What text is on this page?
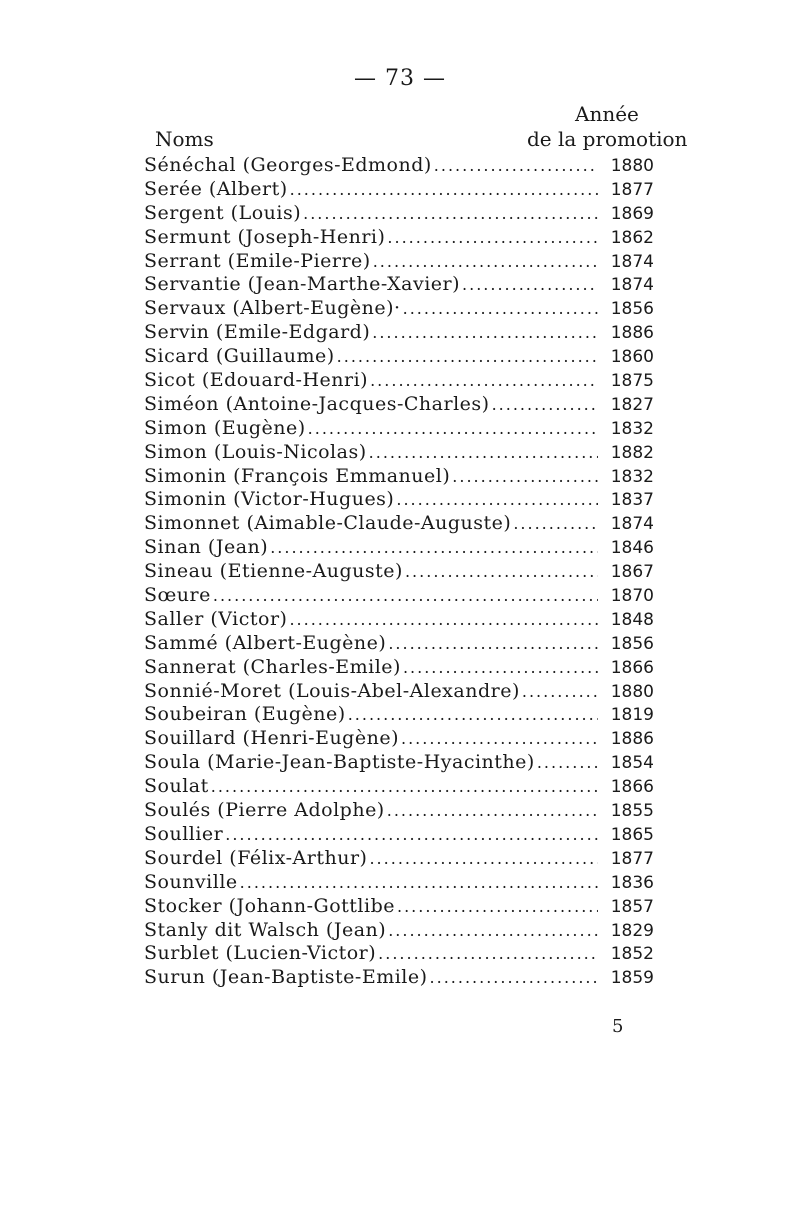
— 73 —
Année
Noms	de la promotion
Sénéchal (Georges-Edmond) .....	1880
Serée (Albert) .....	1877
Sergent (Louis) .....	1869
Sermunt (Joseph-Henri) .....	1862
Serrant (Emile-Pierre) .....	1874
Servantie (Jean-Marthe-Xavier) .....	1874
Servaux (Albert-Eugène)· .....	1856
Servin (Emile-Edgard) .....	1886
Sicard (Guillaume) .....	1860
Sicot (Edouard-Henri) .....	1875
Siméon (Antoine-Jacques-Charles) .....	1827
Simon (Eugène) .....	1832
Simon (Louis-Nicolas) .....	1882
Simonin (François Emmanuel) .....	1832
Simonin (Victor-Hugues) .....	1837
Simonnet (Aimable-Claude-Auguste) .....	1874
Sinan (Jean) .....	1846
Sineau (Etienne-Auguste) .....	1867
Sœure .....	1870
Saller (Victor) .....	1848
Sammé (Albert-Eugène) .....	1856
Sannerat (Charles-Emile) .....	1866
Sonnié-Moret (Louis-Abel-Alexandre) .....	1880
Soubeiran (Eugène) .....	1819
Souillard (Henri-Eugène) .....	1886
Soula (Marie-Jean-Baptiste-Hyacinthe) .....	1854
Soulat .....	1866
Soulés (Pierre Adolphe) .....	1855
Soullier .....	1865
Sourdel (Félix-Arthur) .....	1877
Sounville .....	1836
Stocker (Johann-Gottlibe .....	1857
Stanly dit Walsch (Jean) .....	1829
Surblet (Lucien-Victor) .....	1852
Surun (Jean-Baptiste-Emile) .....	1859
5
